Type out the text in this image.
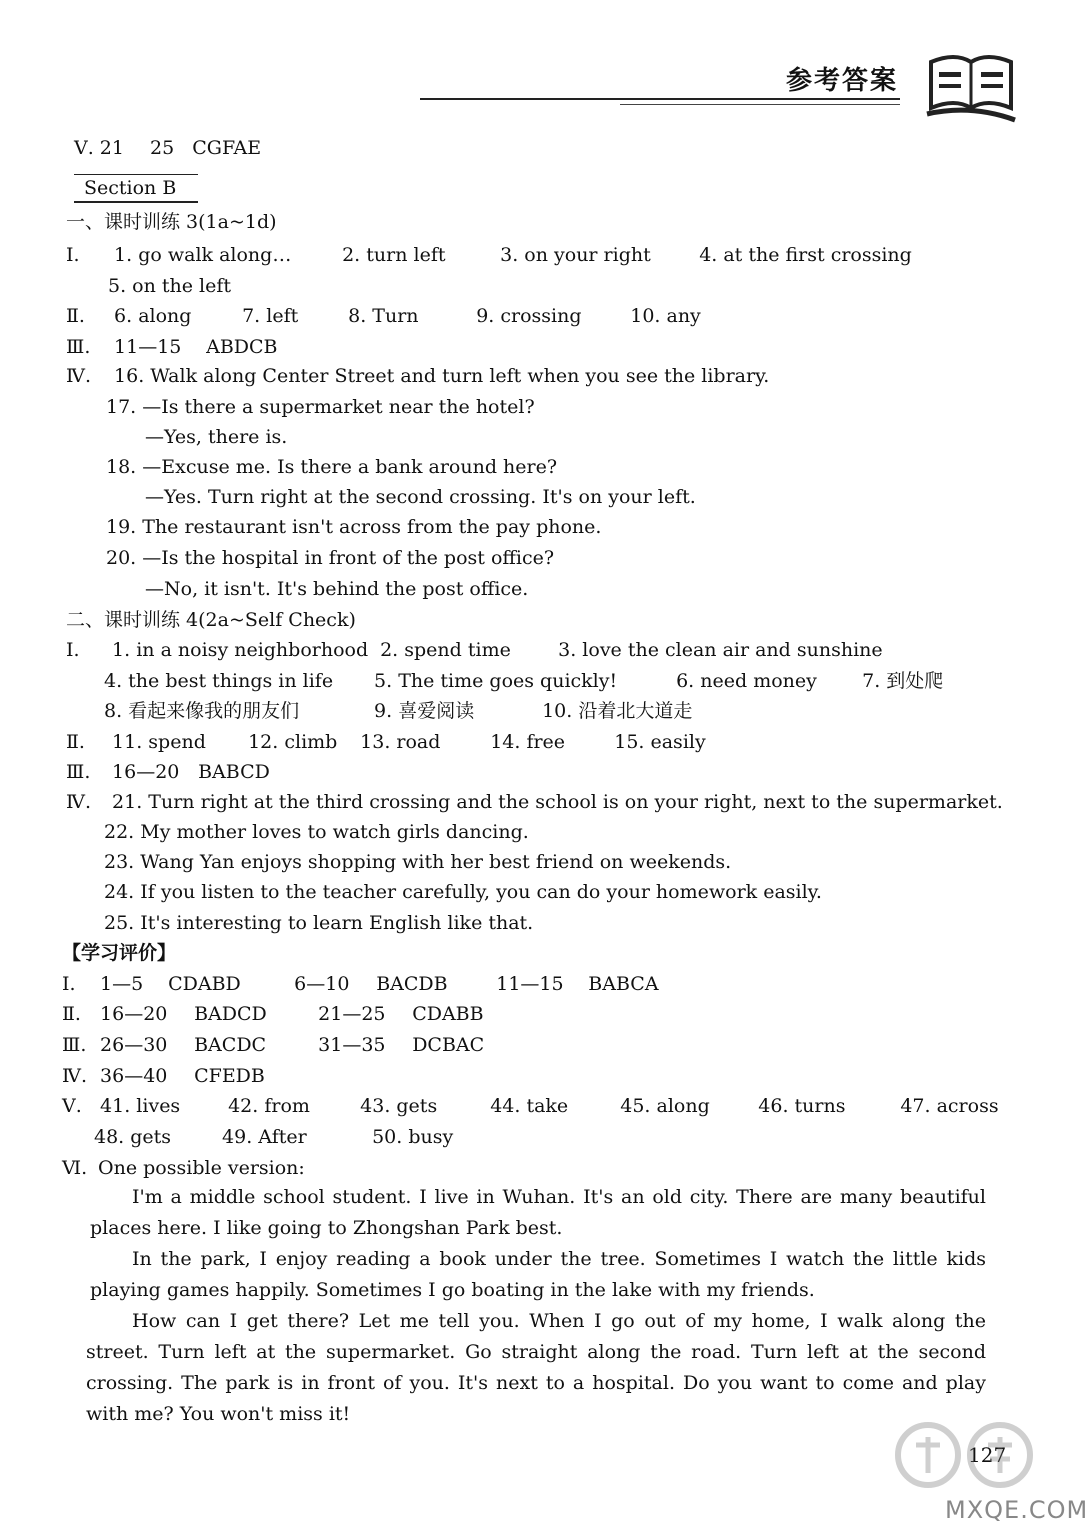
参考答案
Ⅴ. 21 25 CGFAE
Section B
一、课时训练 3(1a~1d)
Ⅰ. 1. go walk along…	2. turn left	3. on your right	4. at the first crossing
5. on the left
Ⅱ. 6. along	7. left	8. Turn	9. crossing	10. any
Ⅲ. 11—15 ABDCB
Ⅳ. 16. Walk along Center Street and turn left when you see the library.
17. —Is there a supermarket near the hotel?
—Yes, there is.
18. —Excuse me. Is there a bank around here?
—Yes. Turn right at the second crossing. It's on your left.
19. The restaurant isn't across from the pay phone.
20. —Is the hospital in front of the post office?
—No, it isn't. It's behind the post office.
二、课时训练 4(2a~Self Check)
Ⅰ. 1. in a noisy neighborhood 2. spend time 3. love the clean air and sunshine
4. the best things in life 5. The time goes quickly!	6. need money 7. 到处爬
8. 看起来像我的朋友们	9. 喜爱阅读	10. 沿着北大道走
Ⅱ. 11. spend 12. climb 13. road	14. free	15. easily
Ⅲ. 16—20 BABCD
Ⅳ. 21. Turn right at the third crossing and the school is on your right, next to the supermarket.
22. My mother loves to watch girls dancing.
23. Wang Yan enjoys shopping with her best friend on weekends.
24. If you listen to the teacher carefully, you can do your homework easily.
25. It's interesting to learn English like that.
【学习评价】
Ⅰ. 1—5 CDABD	6—10 BACDB	11—15 BABCA
Ⅱ. 16—20 BADCD	21—25 CDABB
Ⅲ. 26—30 BACDC	31—35 DCBAC
Ⅳ. 36—40 CFEDB
Ⅴ. 41. lives	42. from	43. gets	44. take	45. along	46. turns	47. across
48. gets	49. After	50. busy
Ⅵ. One possible version:
I'm a middle school student. I live in Wuhan. It's an old city. There are many beautiful places here. I like going to Zhongshan Park best.
In the park, I enjoy reading a book under the tree. Sometimes I watch the little kids playing games happily. Sometimes I go boating in the lake with my friends.
How can I get there? Let me tell you. When I go out of my home, I walk along the street. Turn left at the supermarket. Go straight along the road. Turn left at the second crossing. The park is in front of you. It's next to a hospital. Do you want to come and play with me? You won't miss it!
127
MXQE.COM
